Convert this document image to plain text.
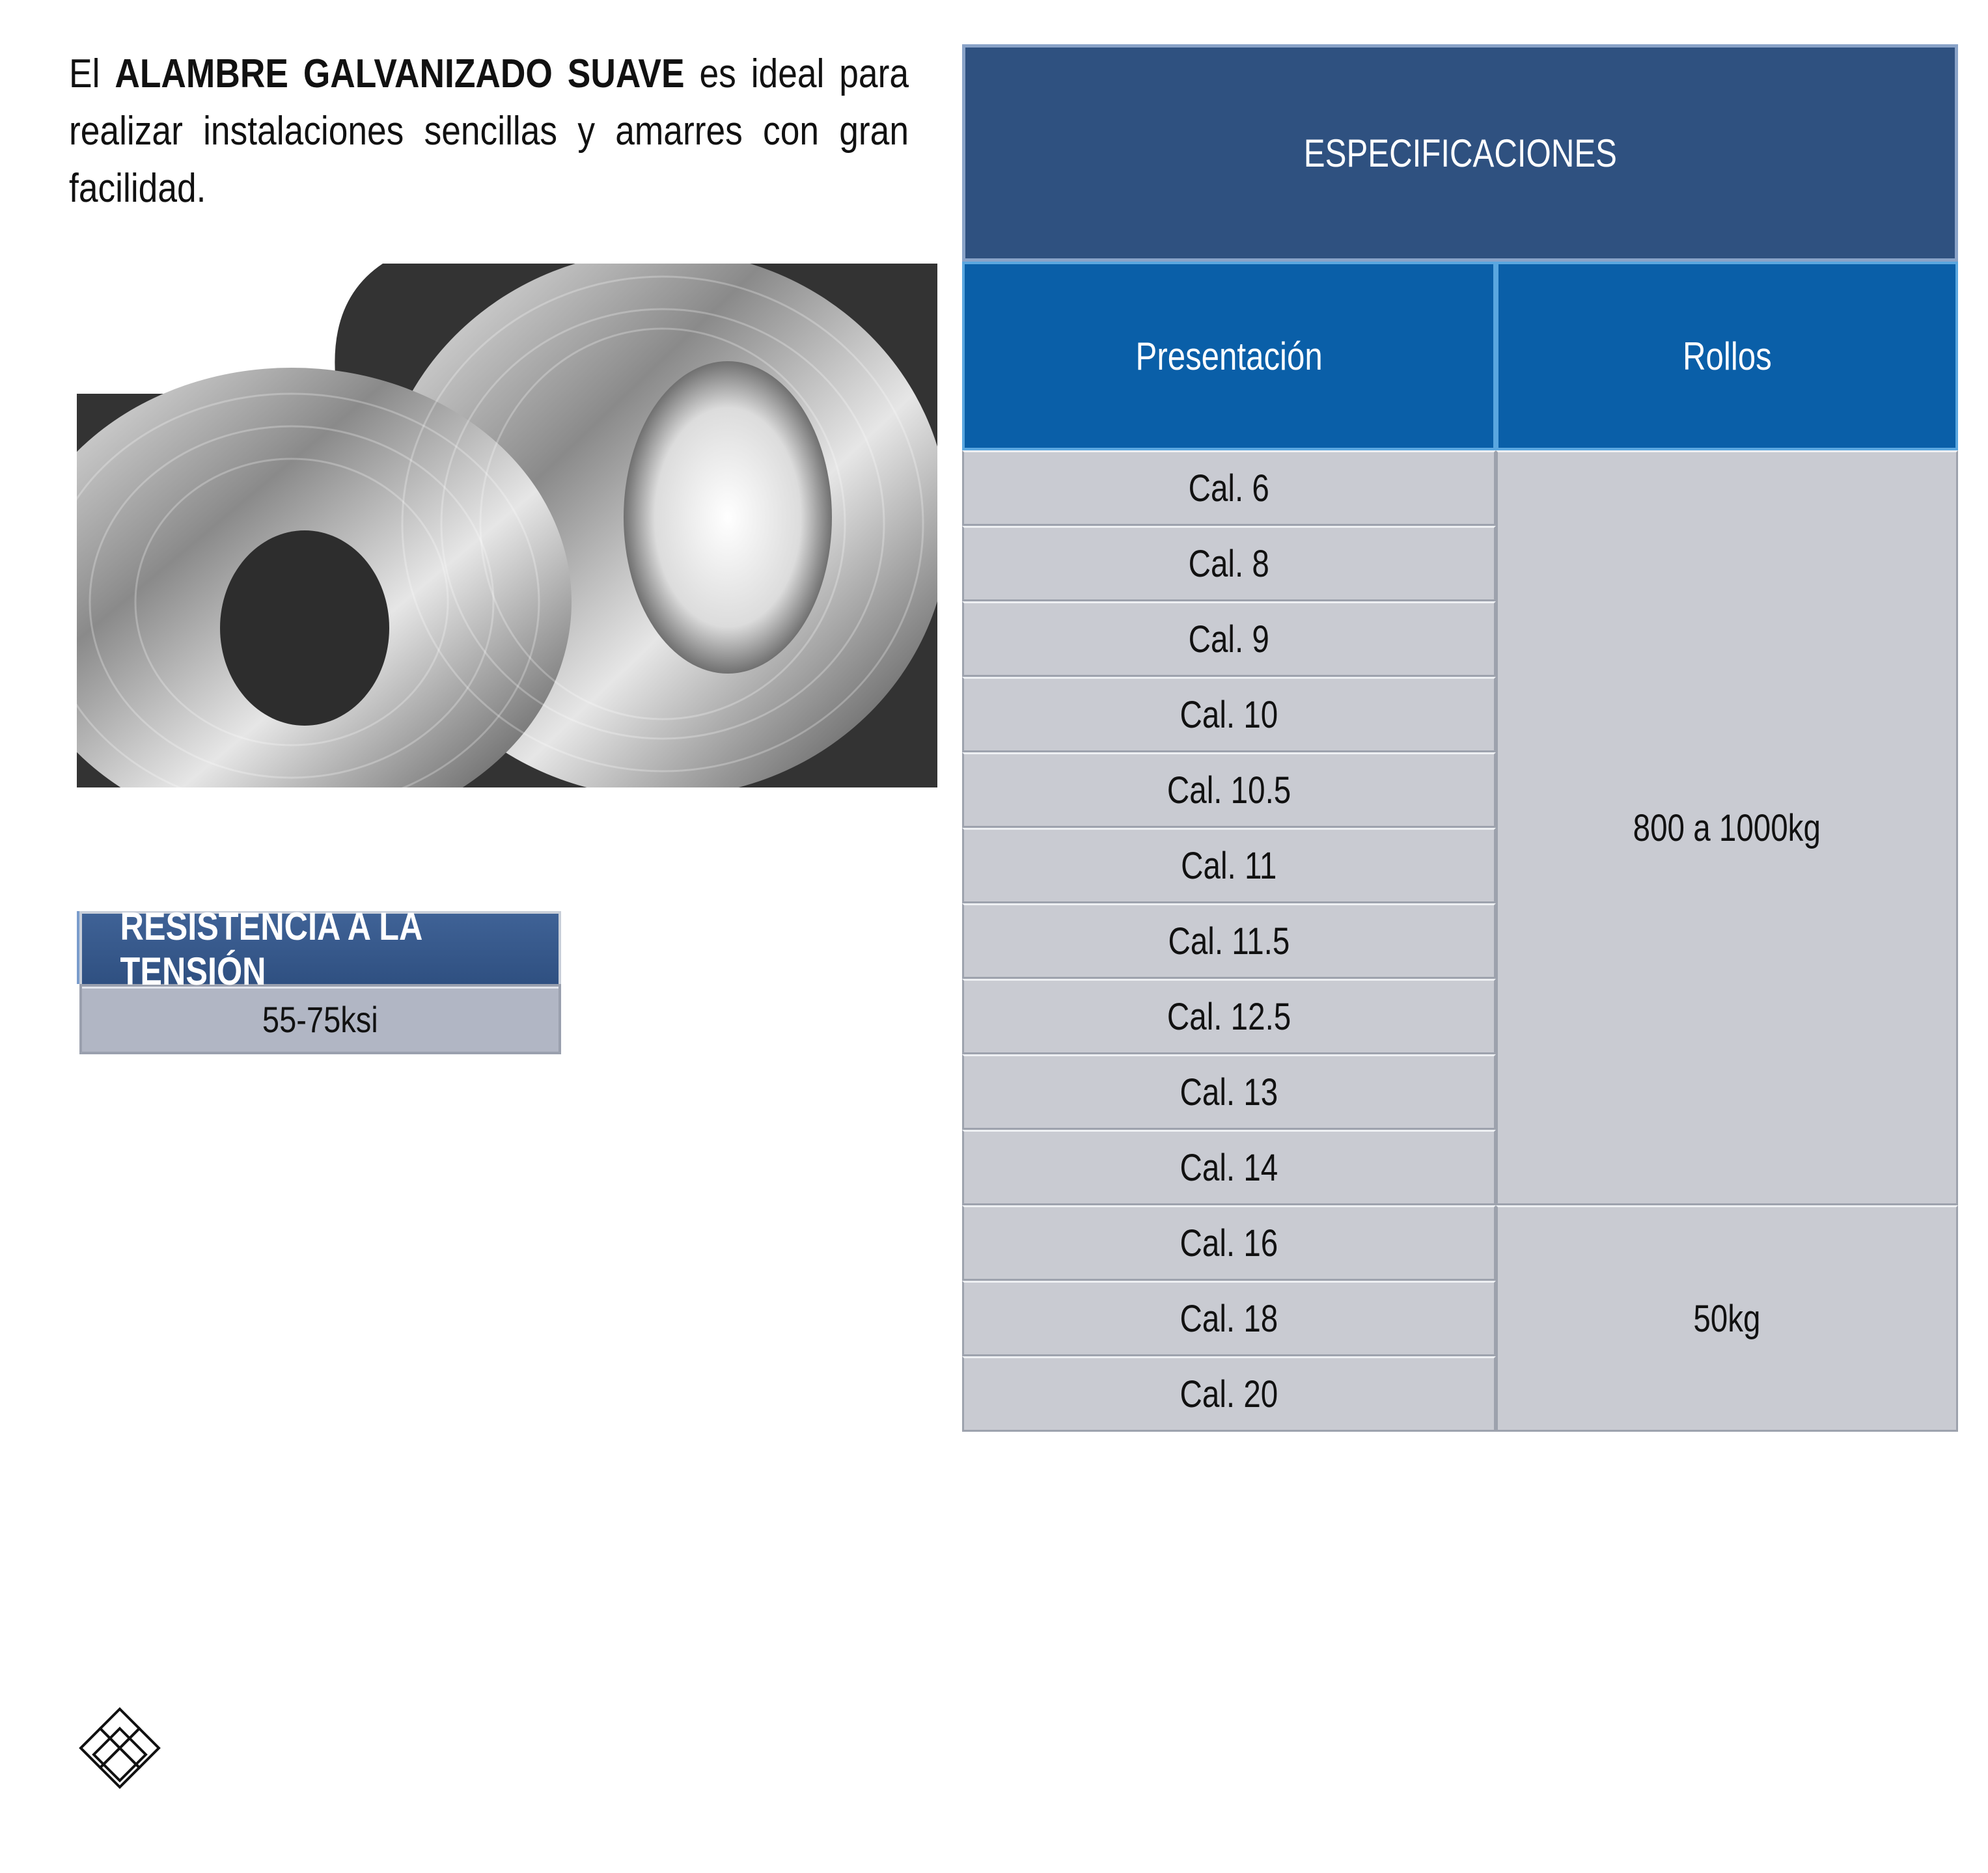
El ALAMBRE GALVANIZADO SUAVE es ideal para realizar instalaciones sencillas y amarres con gran facilidad.
RESISTENCIA A LA TENSIÓN
55-75ksi
ESPECIFICACIONES
Presentación	Rollos
Cal. 6
Cal. 8
Cal. 9
Cal. 10
Cal. 10.5
Cal. 11
Cal. 11.5
Cal. 12.5
Cal. 13
Cal. 14
Cal. 16
Cal. 18
Cal. 20
800 a 1000kg
50kg
